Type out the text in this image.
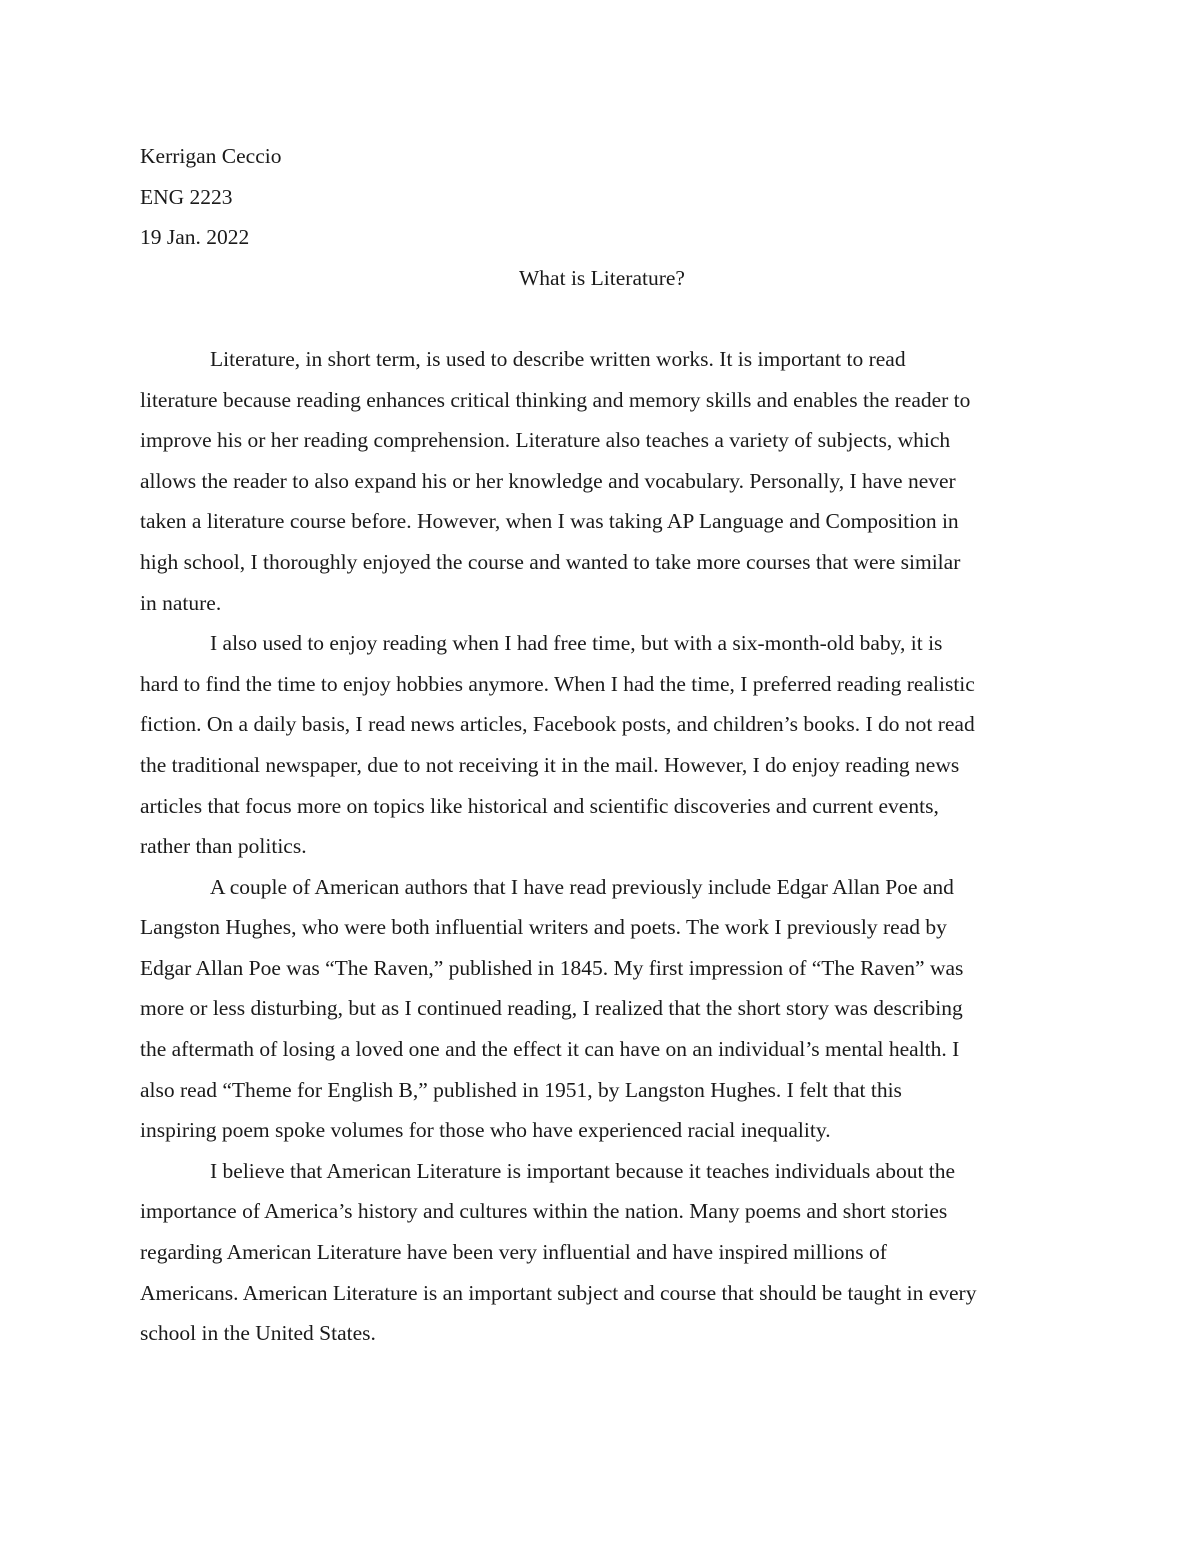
Kerrigan Ceccio
ENG 2223
19 Jan. 2022
What is Literature?
Literature, in short term, is used to describe written works. It is important to read
literature because reading enhances critical thinking and memory skills and enables the reader to
improve his or her reading comprehension. Literature also teaches a variety of subjects, which
allows the reader to also expand his or her knowledge and vocabulary. Personally, I have never
taken a literature course before. However, when I was taking AP Language and Composition in
high school, I thoroughly enjoyed the course and wanted to take more courses that were similar
in nature.
I also used to enjoy reading when I had free time, but with a six-month-old baby, it is
hard to find the time to enjoy hobbies anymore. When I had the time, I preferred reading realistic
fiction. On a daily basis, I read news articles, Facebook posts, and children’s books. I do not read
the traditional newspaper, due to not receiving it in the mail. However, I do enjoy reading news
articles that focus more on topics like historical and scientific discoveries and current events,
rather than politics.
A couple of American authors that I have read previously include Edgar Allan Poe and
Langston Hughes, who were both influential writers and poets. The work I previously read by
Edgar Allan Poe was “The Raven,” published in 1845. My first impression of “The Raven” was
more or less disturbing, but as I continued reading, I realized that the short story was describing
the aftermath of losing a loved one and the effect it can have on an individual’s mental health. I
also read “Theme for English B,” published in 1951, by Langston Hughes. I felt that this
inspiring poem spoke volumes for those who have experienced racial inequality.
I believe that American Literature is important because it teaches individuals about the
importance of America’s history and cultures within the nation. Many poems and short stories
regarding American Literature have been very influential and have inspired millions of
Americans. American Literature is an important subject and course that should be taught in every
school in the United States.
